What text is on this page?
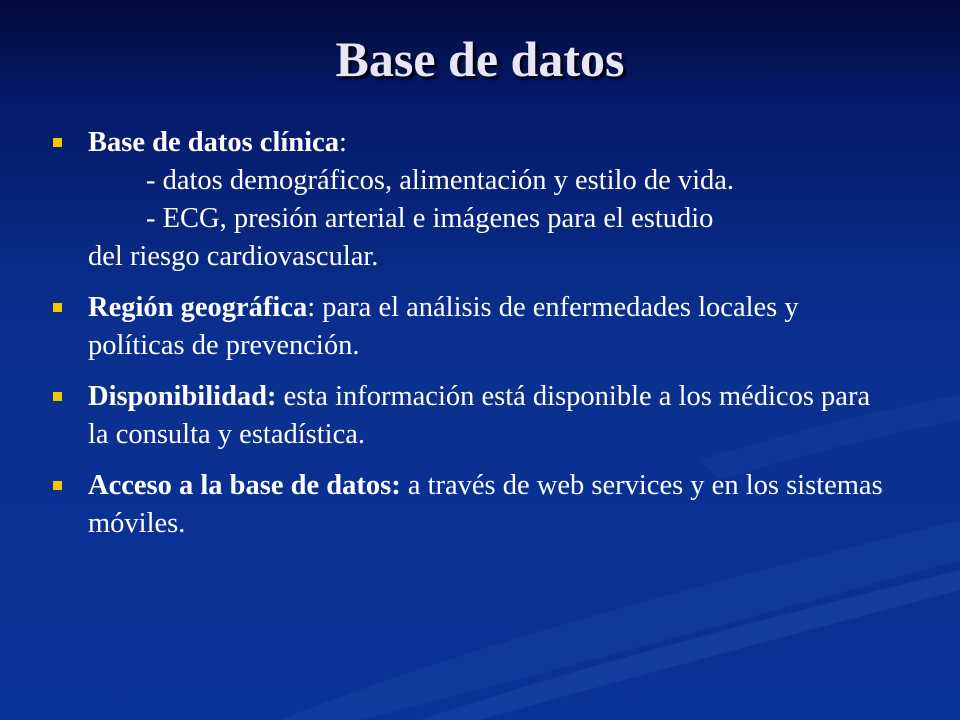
Base de datos
Base de datos clínica:
- datos demográficos, alimentación y estilo de vida.
- ECG, presión arterial e imágenes para el estudio
del riesgo cardiovascular.
Región geográfica: para el análisis de enfermedades locales y políticas de prevención.
Disponibilidad: esta información está disponible a los médicos para la consulta y estadística.
Acceso a la base de datos: a través de web services y en los sistemas móviles.
